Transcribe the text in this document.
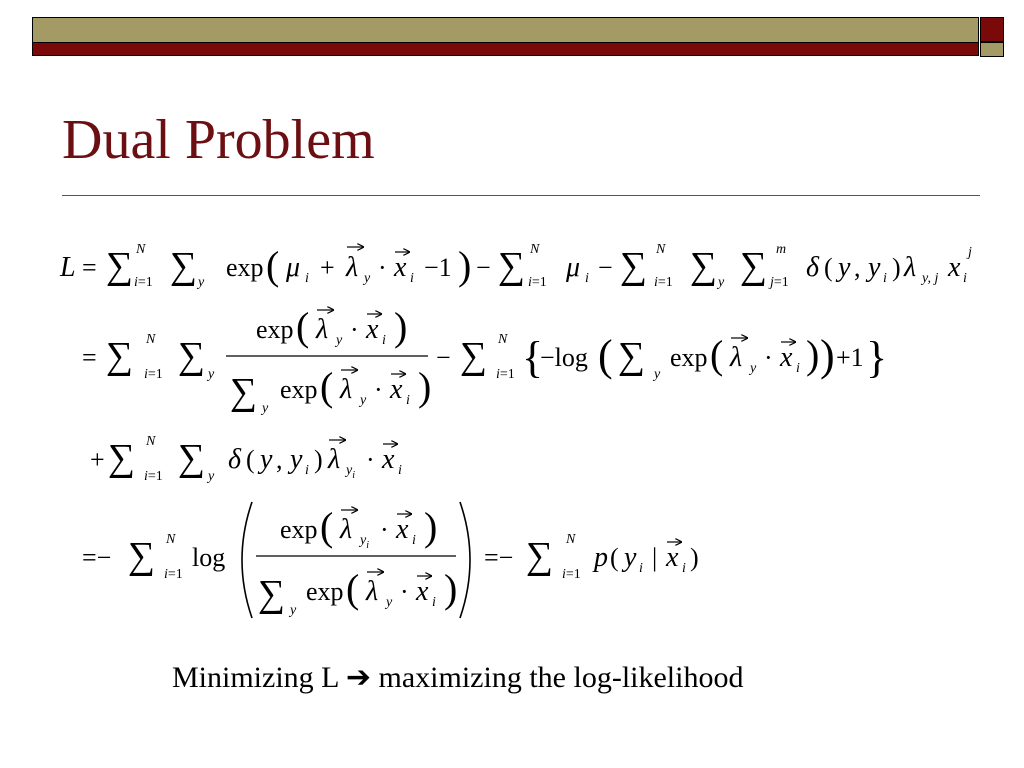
Dual Problem
L = ∑ N
i=1 ∑ y
exp ( μ i + λ y · x i −1 ) − ∑ N
i=1 μ i − ∑ N
i=1 ∑ y ∑ m
j=1 δ ( y , y i ) λ y, j x i
j
= ∑ N
i=1 ∑ y
exp ( λ y · x i )
∑ y
exp ( λ y · x i )
− ∑ N
i=1 {
−log ( ∑ y
exp ( λ y · x i ) ) +1 }
+ ∑ N
i=1 ∑ y
δ ( y , y i ) λ $y_i$
· x i
=− ∑ N
i=1
log
exp ( λ $y_i$
· x i )
∑ y
exp ( λ y · x i )
=− ∑ N
i=1
p ( y i | x i )
Minimizing L ➔ maximizing the log-likelihood
